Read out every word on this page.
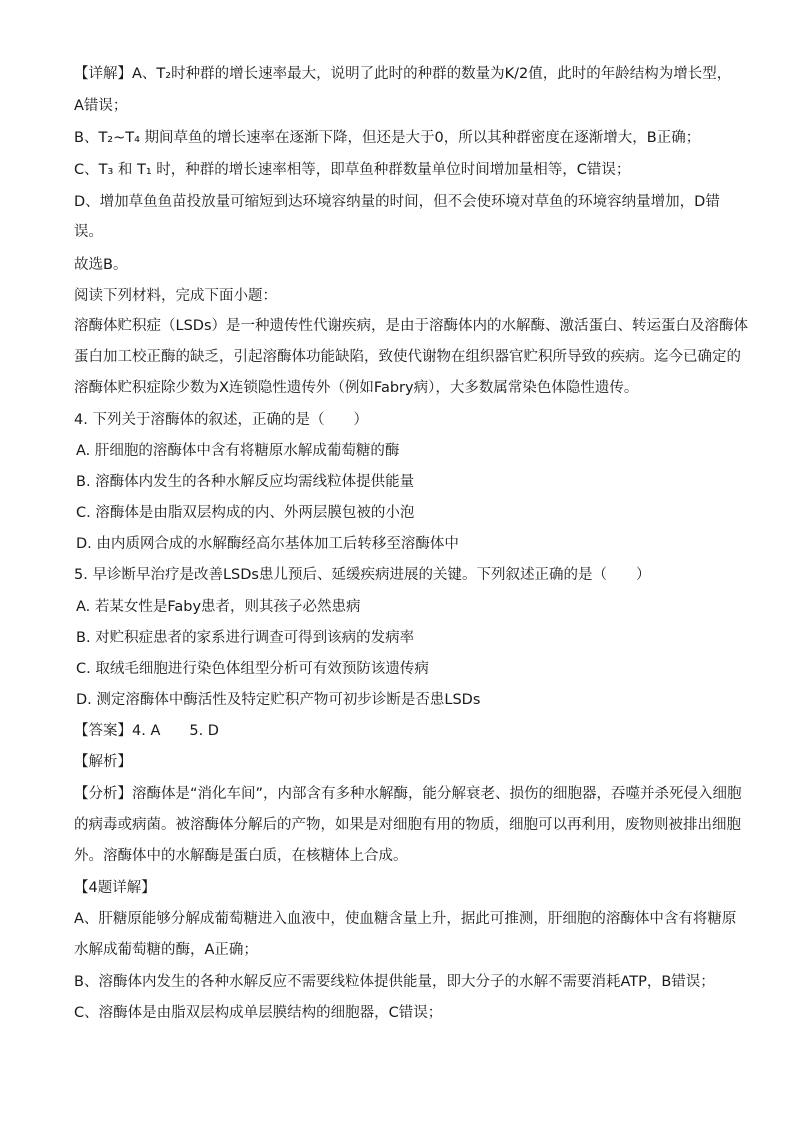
【详解】A、T₂时种群的增长速率最大，说明了此时的种群的数量为K/2值，此时的年龄结构为增长型，
A错误；
B、T₂~T₄ 期间草鱼的增长速率在逐渐下降，但还是大于0，所以其种群密度在逐渐增大，B正确；
C、T₃ 和 T₁ 时，种群的增长速率相等，即草鱼种群数量单位时间增加量相等，C错误；
D、增加草鱼鱼苗投放量可缩短到达环境容纳量的时间，但不会使环境对草鱼的环境容纳量增加，D错
误。
故选B。
阅读下列材料，完成下面小题：
溶酶体贮积症（LSDs）是一种遗传性代谢疾病，是由于溶酶体内的水解酶、激活蛋白、转运蛋白及溶酶体
蛋白加工校正酶的缺乏，引起溶酶体功能缺陷，致使代谢物在组织器官贮积所导致的疾病。迄今已确定的
溶酶体贮积症除少数为X连锁隐性遗传外（例如Fabry病），大多数属常染色体隐性遗传。
4. 下列关于溶酶体的叙述，正确的是（　　）
A. 肝细胞的溶酶体中含有将糖原水解成葡萄糖的酶
B. 溶酶体内发生的各种水解反应均需线粒体提供能量
C. 溶酶体是由脂双层构成的内、外两层膜包被的小泡
D. 由内质网合成的水解酶经高尔基体加工后转移至溶酶体中
5. 早诊断早治疗是改善LSDs患儿预后、延缓疾病进展的关键。下列叙述正确的是（　　）
A. 若某女性是Faby患者，则其孩子必然患病
B. 对贮积症患者的家系进行调查可得到该病的发病率
C. 取绒毛细胞进行染色体组型分析可有效预防该遗传病
D. 测定溶酶体中酶活性及特定贮积产物可初步诊断是否患LSDs
【答案】4. A　　5. D
【解析】
【分析】溶酶体是“消化车间”，内部含有多种水解酶，能分解衰老、损伤的细胞器，吞噬并杀死侵入细胞
的病毒或病菌。被溶酶体分解后的产物，如果是对细胞有用的物质，细胞可以再利用，废物则被排出细胞
外。溶酶体中的水解酶是蛋白质，在核糖体上合成。
【4题详解】
A、肝糖原能够分解成葡萄糖进入血液中，使血糖含量上升，据此可推测，肝细胞的溶酶体中含有将糖原
水解成葡萄糖的酶，A正确；
B、溶酶体内发生的各种水解反应不需要线粒体提供能量，即大分子的水解不需要消耗ATP，B错误；
C、溶酶体是由脂双层构成单层膜结构的细胞器，C错误；
